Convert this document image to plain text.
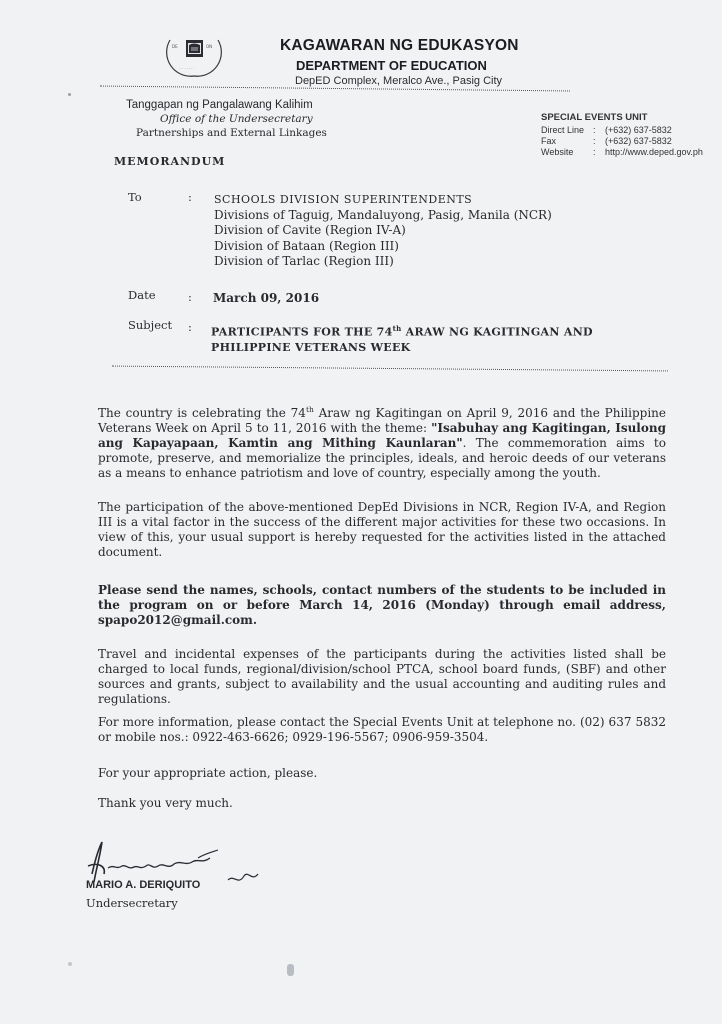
DE	ON
· · · · · · ·
KAGAWARAN NG EDUKASYON
DEPARTMENT OF EDUCATION
DepED Complex, Meralco Ave., Pasig City
Tanggapan ng Pangalawang Kalihim
Office of the Undersecretary
Partnerships and External Linkages
SPECIAL EVENTS UNIT
Direct Line :	(+632) 637-5832
Fax	:	(+632) 637-5832
Website	:	http://www.deped.gov.ph
MEMORANDUM
To	: SCHOOLS DIVISION SUPERINTENDENTS
Divisions of Taguig, Mandaluyong, Pasig, Manila (NCR)
Division of Cavite (Region IV-A)
Division of Bataan (Region III)
Division of Tarlac (Region III)
Date	: March 09, 2016
Subject : PARTICIPANTS FOR THE 74th ARAW NG KAGITINGAN AND PHILIPPINE VETERANS WEEK
The country is celebrating the 74th Araw ng Kagitingan on April 9, 2016 and the Philippine Veterans Week on April 5 to 11, 2016 with the theme: "Isabuhay ang Kagitingan, Isulong ang Kapayapaan, Kamtin ang Mithing Kaunlaran". The commemoration aims to promote, preserve, and memorialize the principles, ideals, and heroic deeds of our veterans as a means to enhance patriotism and love of country, especially among the youth.
The participation of the above-mentioned DepEd Divisions in NCR, Region IV-A, and Region III is a vital factor in the success of the different major activities for these two occasions. In view of this, your usual support is hereby requested for the activities listed in the attached document.
Please send the names, schools, contact numbers of the students to be included in the program on or before March 14, 2016 (Monday) through email address, spapo2012@gmail.com.
Travel and incidental expenses of the participants during the activities listed shall be charged to local funds, regional/division/school PTCA, school board funds, (SBF) and other sources and grants, subject to availability and the usual accounting and auditing rules and regulations.
For more information, please contact the Special Events Unit at telephone no. (02) 637 5832 or mobile nos.: 0922-463-6626; 0929-196-5567; 0906-959-3504.
For your appropriate action, please.
Thank you very much.
MARIO A. DERIQUITO
Undersecretary
